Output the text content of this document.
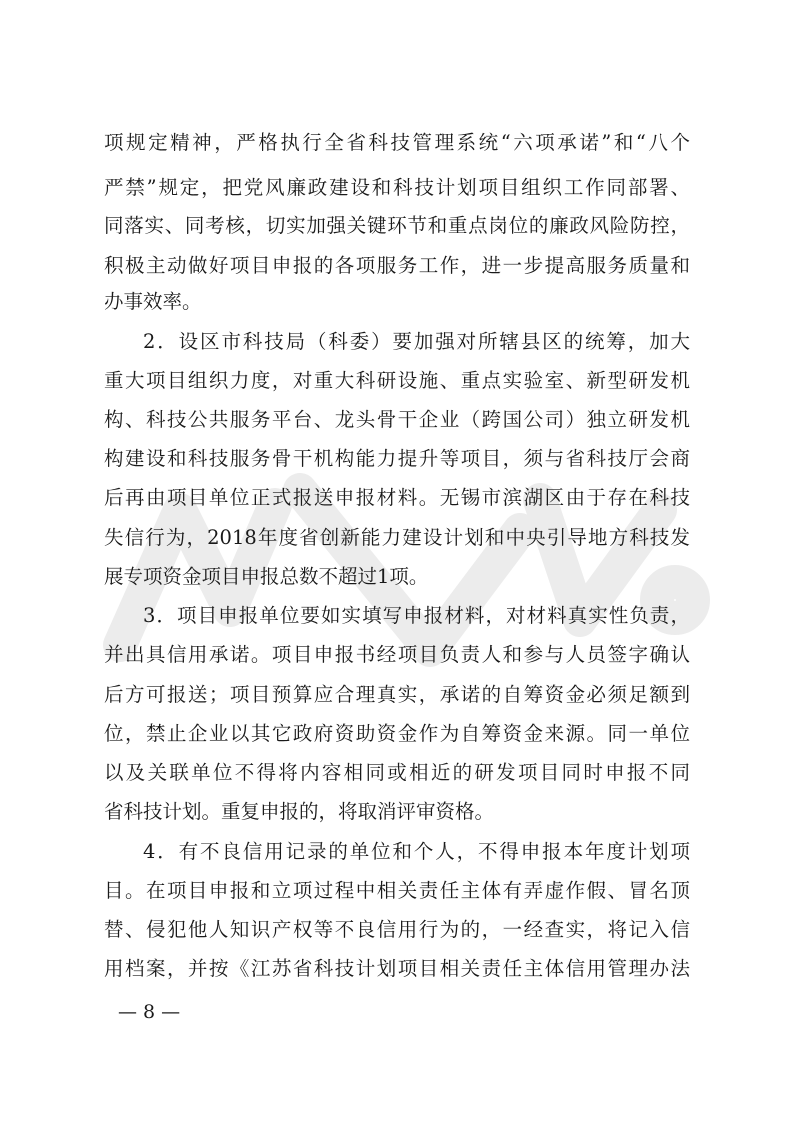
项规定精神，严格执行全省科技管理系统“六项承诺”和“八个
严禁”规定，把党风廉政建设和科技计划项目组织工作同部署、
同落实、同考核，切实加强关键环节和重点岗位的廉政风险防控，
积极主动做好项目申报的各项服务工作，进一步提高服务质量和
办事效率。
2．设区市科技局（科委）要加强对所辖县区的统筹，加大
重大项目组织力度，对重大科研设施、重点实验室、新型研发机
构、科技公共服务平台、龙头骨干企业（跨国公司）独立研发机
构建设和科技服务骨干机构能力提升等项目，须与省科技厅会商
后再由项目单位正式报送申报材料。无锡市滨湖区由于存在科技
失信行为，2018年度省创新能力建设计划和中央引导地方科技发
展专项资金项目申报总数不超过1项。
3．项目申报单位要如实填写申报材料，对材料真实性负责，
并出具信用承诺。项目申报书经项目负责人和参与人员签字确认
后方可报送；项目预算应合理真实，承诺的自筹资金必须足额到
位，禁止企业以其它政府资助资金作为自筹资金来源。同一单位
以及关联单位不得将内容相同或相近的研发项目同时申报不同
省科技计划。重复申报的，将取消评审资格。
4．有不良信用记录的单位和个人，不得申报本年度计划项
目。在项目申报和立项过程中相关责任主体有弄虚作假、冒名顶
替、侵犯他人知识产权等不良信用行为的，一经查实，将记入信
用档案，并按《江苏省科技计划项目相关责任主体信用管理办法
— 8 —
